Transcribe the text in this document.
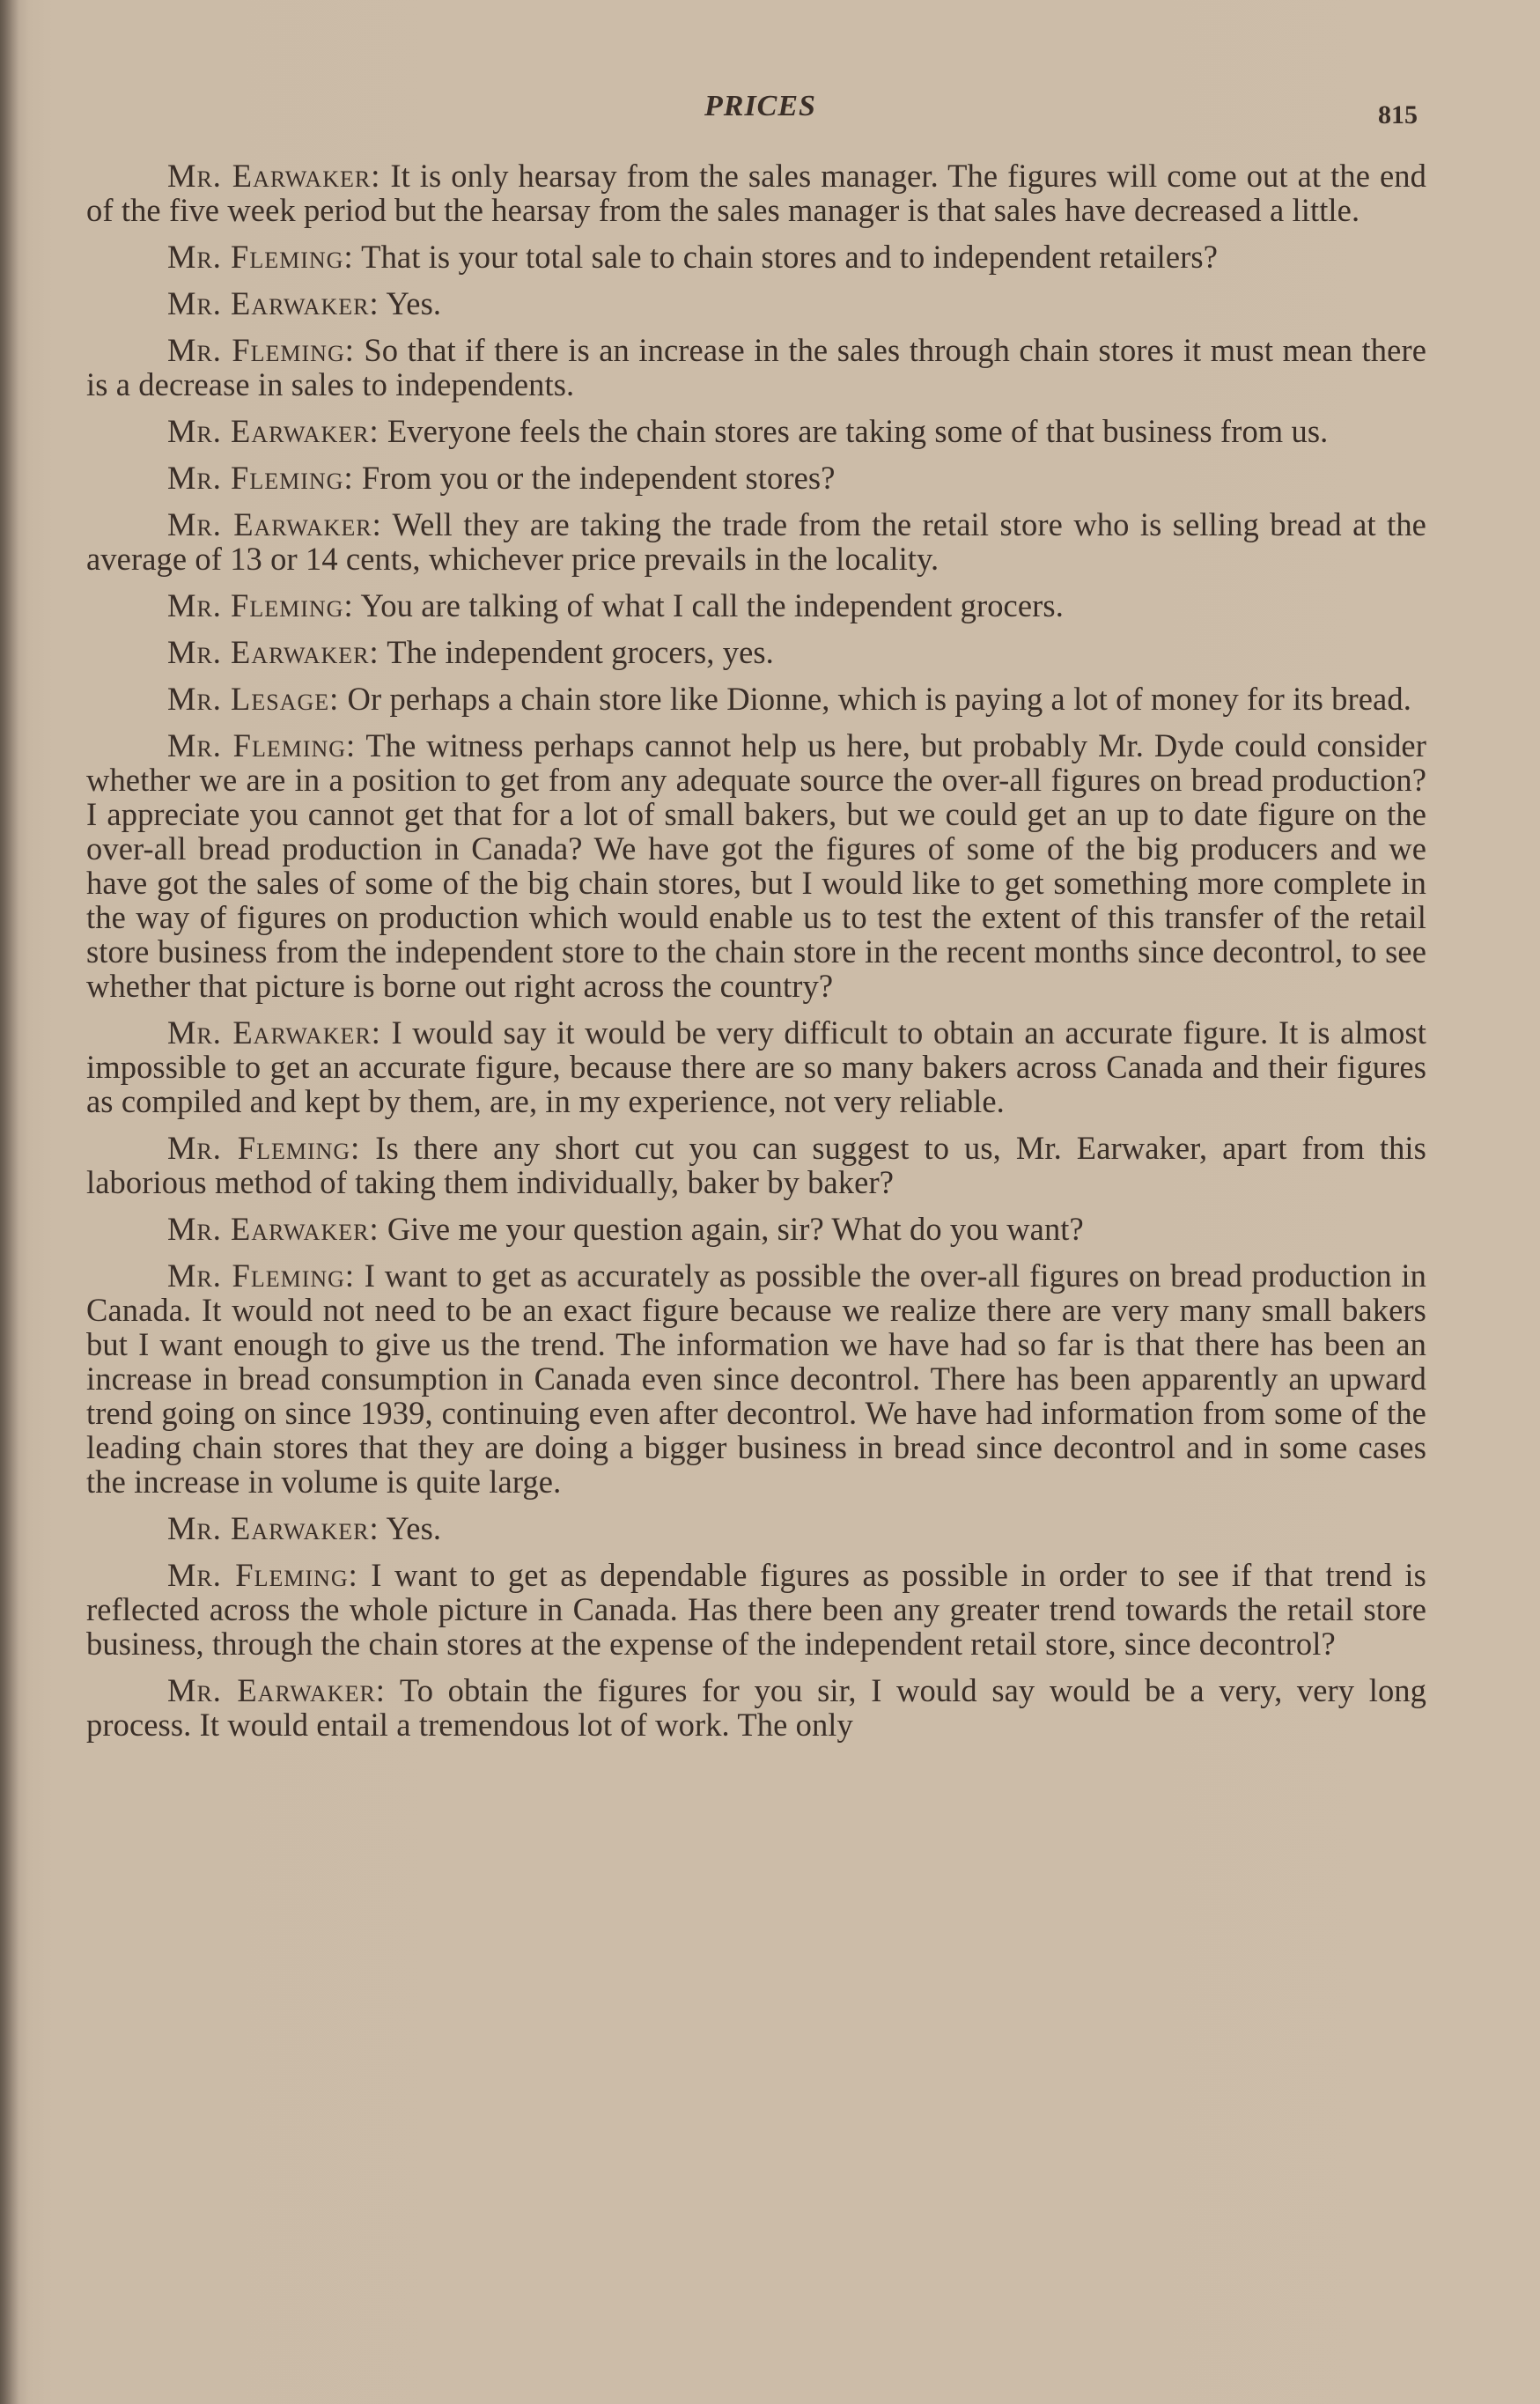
PRICES	815

Mr. Earwaker: It is only hearsay from the sales manager. The figures will come out at the end of the five week period but the hearsay from the sales manager is that sales have decreased a little.

Mr. Fleming: That is your total sale to chain stores and to independent retailers?

Mr. Earwaker: Yes.

Mr. Fleming: So that if there is an increase in the sales through chain stores it must mean there is a decrease in sales to independents.

Mr. Earwaker: Everyone feels the chain stores are taking some of that business from us.

Mr. Fleming: From you or the independent stores?

Mr. Earwaker: Well they are taking the trade from the retail store who is selling bread at the average of 13 or 14 cents, whichever price prevails in the locality.

Mr. Fleming: You are talking of what I call the independent grocers.

Mr. Earwaker: The independent grocers, yes.

Mr. Lesage: Or perhaps a chain store like Dionne, which is paying a lot of money for its bread.

Mr. Fleming: The witness perhaps cannot help us here, but probably Mr. Dyde could consider whether we are in a position to get from any adequate source the over-all figures on bread production? I appreciate you cannot get that for a lot of small bakers, but we could get an up to date figure on the over-all bread production in Canada? We have got the figures of some of the big producers and we have got the sales of some of the big chain stores, but I would like to get something more complete in the way of figures on production which would enable us to test the extent of this transfer of the retail store business from the independent store to the chain store in the recent months since decontrol, to see whether that picture is borne out right across the country?

Mr. Earwaker: I would say it would be very difficult to obtain an accurate figure. It is almost impossible to get an accurate figure, because there are so many bakers across Canada and their figures as compiled and kept by them, are, in my experience, not very reliable.

Mr. Fleming: Is there any short cut you can suggest to us, Mr. Earwaker, apart from this laborious method of taking them individually, baker by baker?

Mr. Earwaker: Give me your question again, sir? What do you want?

Mr. Fleming: I want to get as accurately as possible the over-all figures on bread production in Canada. It would not need to be an exact figure because we realize there are very many small bakers but I want enough to give us the trend. The information we have had so far is that there has been an increase in bread consumption in Canada even since decontrol. There has been apparently an upward trend going on since 1939, continuing even after decontrol. We have had information from some of the leading chain stores that they are doing a bigger business in bread since decontrol and in some cases the increase in volume is quite large.

Mr. Earwaker: Yes.

Mr. Fleming: I want to get as dependable figures as possible in order to see if that trend is reflected across the whole picture in Canada. Has there been any greater trend towards the retail store business, through the chain stores at the expense of the independent retail store, since decontrol?

Mr. Earwaker: To obtain the figures for you sir, I would say would be a very, very long process. It would entail a tremendous lot of work. The only
